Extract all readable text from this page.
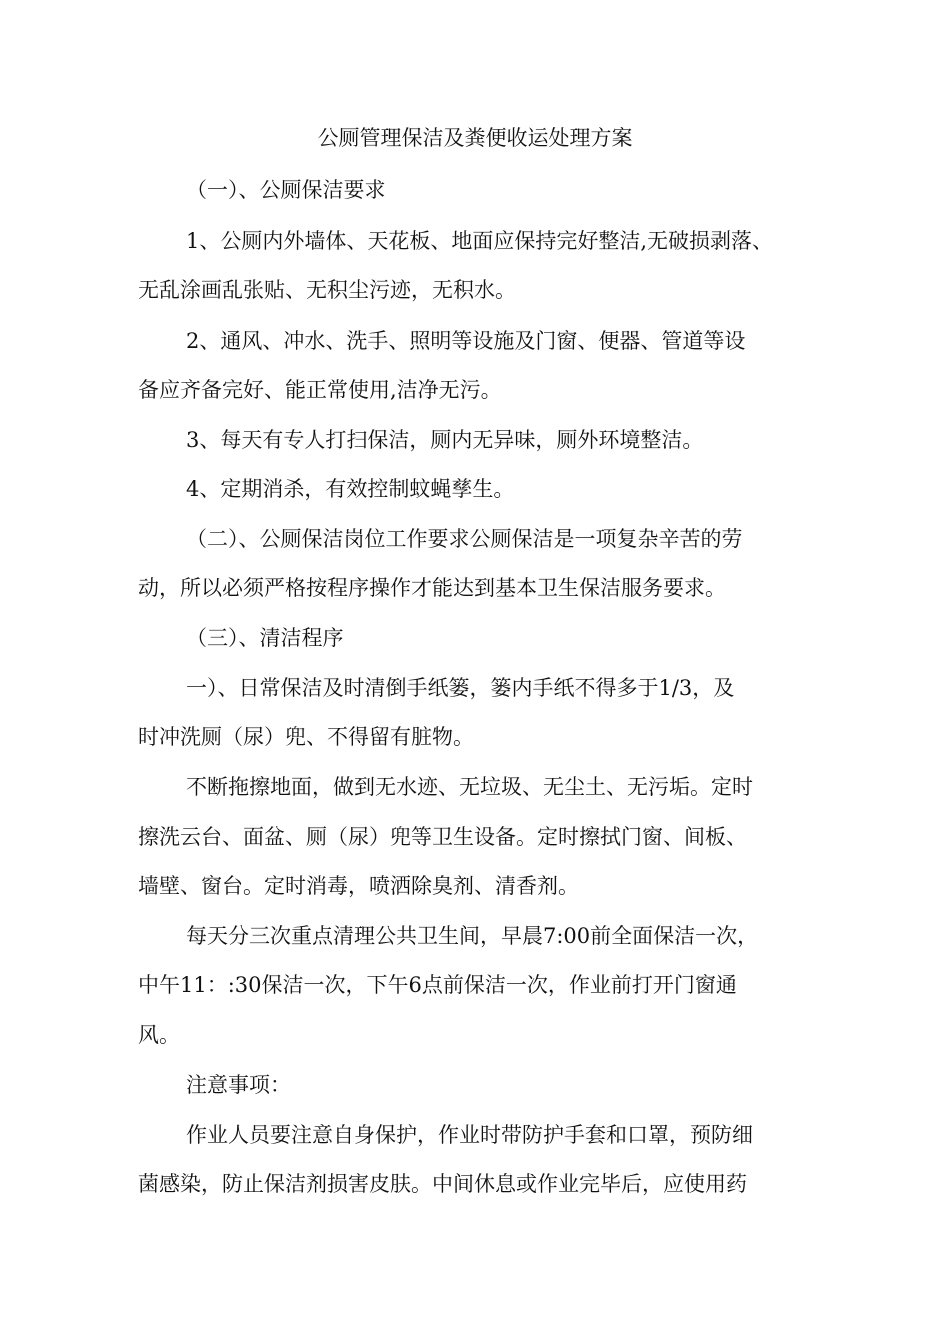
公厕管理保洁及粪便收运处理方案
（一）、公厕保洁要求
1、公厕内外墙体、天花板、地面应保持完好整洁,无破损剥落、
无乱涂画乱张贴、无积尘污迹，无积水。
2、通风、冲水、洗手、照明等设施及门窗、便器、管道等设
备应齐备完好、能正常使用,洁净无污。
3、每天有专人打扫保洁，厕内无异味，厕外环境整洁。
4、定期消杀，有效控制蚊蝇孳生。
（二）、公厕保洁岗位工作要求公厕保洁是一项复杂辛苦的劳
动，所以必须严格按程序操作才能达到基本卫生保洁服务要求。
（三）、清洁程序
一）、日常保洁及时清倒手纸篓，篓内手纸不得多于1/3，及
时冲洗厕（尿）兜、不得留有脏物。
不断拖擦地面，做到无水迹、无垃圾、无尘土、无污垢。定时
擦洗云台、面盆、厕（尿）兜等卫生设备。定时擦拭门窗、间板、
墙壁、窗台。定时消毒，喷洒除臭剂、清香剂。
每天分三次重点清理公共卫生间，早晨7:00前全面保洁一次，
中午11：:30保洁一次，下午6点前保洁一次，作业前打开门窗通
风。
注意事项：
作业人员要注意自身保护，作业时带防护手套和口罩，预防细
菌感染，防止保洁剂损害皮肤。中间休息或作业完毕后，应使用药
